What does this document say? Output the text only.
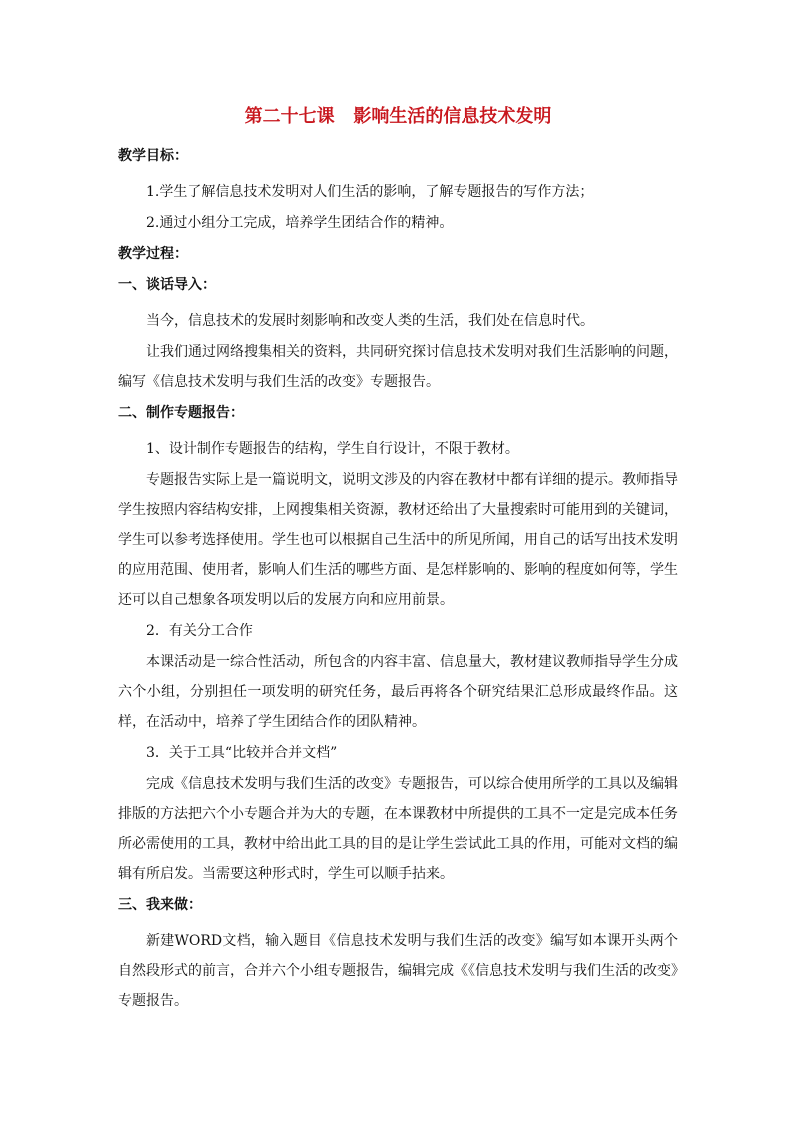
第二十七课   影响生活的信息技术发明
教学目标：
1.学生了解信息技术发明对人们生活的影响，了解专题报告的写作方法；
2.通过小组分工完成，培养学生团结合作的精神。
教学过程：
一、谈话导入：
当今，信息技术的发展时刻影响和改变人类的生活，我们处在信息时代。
让我们通过网络搜集相关的资料，共同研究探讨信息技术发明对我们生活影响的问题，编写《信息技术发明与我们生活的改变》专题报告。
二、制作专题报告：
1、设计制作专题报告的结构，学生自行设计，不限于教材。
专题报告实际上是一篇说明文，说明文涉及的内容在教材中都有详细的提示。教师指导学生按照内容结构安排，上网搜集相关资源，教材还给出了大量搜索时可能用到的关键词，学生可以参考选择使用。学生也可以根据自己生活中的所见所闻，用自己的话写出技术发明的应用范围、使用者，影响人们生活的哪些方面、是怎样影响的、影响的程度如何等，学生还可以自己想象各项发明以后的发展方向和应用前景。
2．有关分工合作
本课活动是一综合性活动，所包含的内容丰富、信息量大，教材建议教师指导学生分成六个小组，分别担任一项发明的研究任务，最后再将各个研究结果汇总形成最终作品。这样，在活动中，培养了学生团结合作的团队精神。
3．关于工具“比较并合并文档”
完成《信息技术发明与我们生活的改变》专题报告，可以综合使用所学的工具以及编辑排版的方法把六个小专题合并为大的专题，在本课教材中所提供的工具不一定是完成本任务所必需使用的工具，教材中给出此工具的目的是让学生尝试此工具的作用，可能对文档的编辑有所启发。当需要这种形式时，学生可以顺手拈来。
三、我来做：
新建WORD文档，输入题目《信息技术发明与我们生活的改变》编写如本课开头两个自然段形式的前言，合并六个小组专题报告，编辑完成《《信息技术发明与我们生活的改变》专题报告。
